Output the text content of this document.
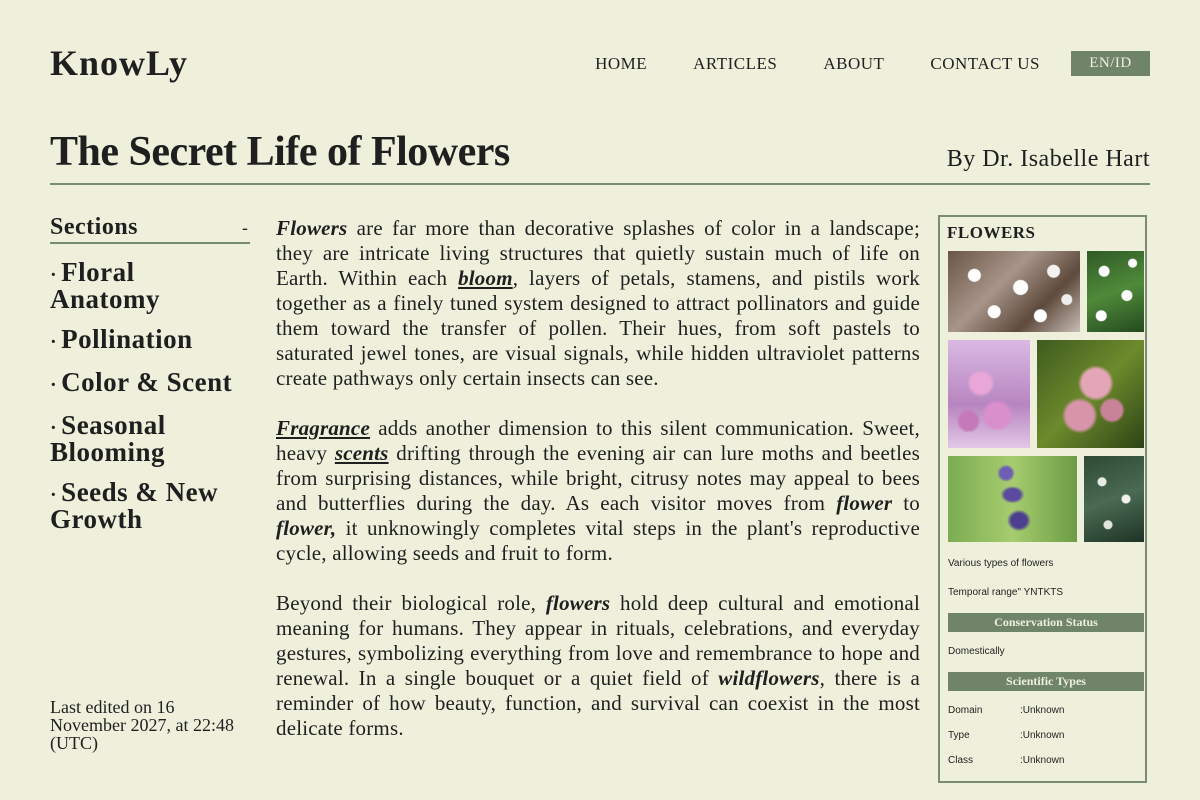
KnowLy	HOME	ARTICLES	ABOUT	CONTACT US	EN/ID
The Secret Life of Flowers	By Dr. Isabelle Hart
Sections	-
· Floral Anatomy
· Pollination
· Color & Scent
· Seasonal Blooming
· Seeds & New Growth
Last edited on 16 November 2027, at 22:48 (UTC)

Flowers are far more than decorative splashes of color in a landscape; they are intricate living structures that quietly sustain much of life on Earth. Within each bloom, layers of petals, stamens, and pistils work together as a finely tuned system designed to attract pollinators and guide them toward the transfer of pollen. Their hues, from soft pastels to saturated jewel tones, are visual signals, while hidden ultraviolet patterns create pathways only certain insects can see.

Fragrance adds another dimension to this silent communication. Sweet, heavy scents drifting through the evening air can lure moths and beetles from surprising distances, while bright, citrusy notes may appeal to bees and butterflies during the day. As each visitor moves from flower to flower, it unknowingly completes vital steps in the plant's reproductive cycle, allowing seeds and fruit to form.

Beyond their biological role, flowers hold deep cultural and emotional meaning for humans. They appear in rituals, celebrations, and everyday gestures, symbolizing everything from love and remembrance to hope and renewal. In a single bouquet or a quiet field of wildflowers, there is a reminder of how beauty, function, and survival can coexist in the most delicate forms.

FLOWERS
Various types of flowers
Temporal range" YNTKTS
Conservation Status
Domestically
Scientific Types
Domain	:Unknown
Type	:Unknown
Class	:Unknown
